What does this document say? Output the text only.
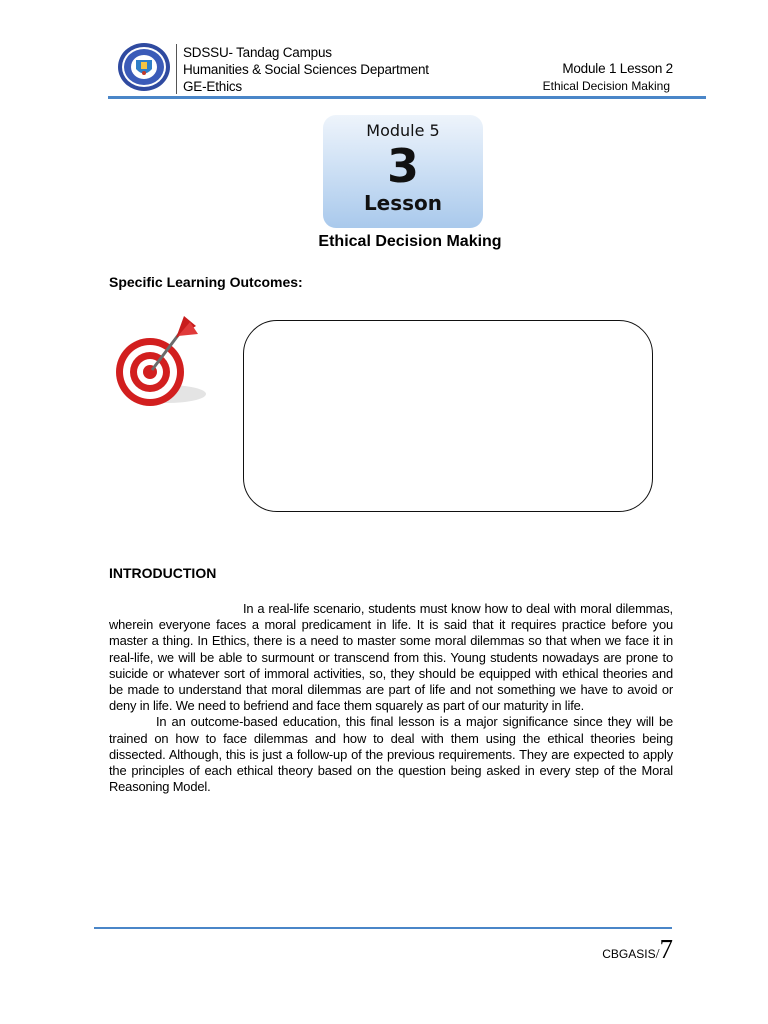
SDSSU- Tandag Campus
Humanities & Social Sciences Department
GE-Ethics
Module 1 Lesson 2
Ethical Decision Making
Module 5
3
Lesson
Ethical Decision Making
Specific Learning Outcomes:
INTRODUCTION

In a real-life scenario, students must know how to deal with moral dilemmas, wherein everyone faces a moral predicament in life. It is said that it requires practice before you master a thing. In Ethics, there is a need to master some moral dilemmas so that when we face it in real-life, we will be able to surmount or transcend from this. Young students nowadays are prone to suicide or whatever sort of immoral activities, so, they should be equipped with ethical theories and be made to understand that moral dilemmas are part of life and not something we have to avoid or deny in life. We need to befriend and face them squarely as part of our maturity in life.

In an outcome-based education, this final lesson is a major significance since they will be trained on how to face dilemmas and how to deal with them using the ethical theories being dissected. Although, this is just a follow-up of the previous requirements. They are expected to apply the principles of each ethical theory based on the question being asked in every step of the Moral Reasoning Model.

CBGASIS/7
